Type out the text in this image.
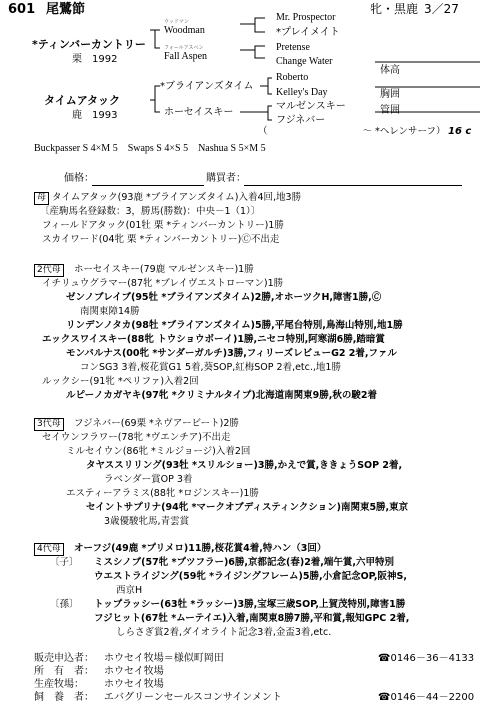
601 尾鷺節	牝・黒鹿 3／27
ウッドマン
Woodman
フォールアスペン
Fall Aspen
*ティンバーカントリー
栗　1992
Mr. Prospector
*プレイメイト
Pretense
Change Water
タイムアタック
鹿　1993
*ブライアンズタイム
ホーセイスキー
Roberto
Kelley's Day
マルゼンスキー
フジネバー
（　　　　　　　　　　〜 *ヘレンサーフ） 16 c
体高
胸囲
管囲
Buckpasser S 4×M 5　Swaps S 4×S 5　Nashua S 5×M 5
価格：	購買者：
母 タイムアタック(93鹿 *ブライアンズタイム)入着4回,地3勝
〔産駒馬名登録数：3，勝馬(勝数)：中央－1（1）〕
フィールドアタック(01牡 栗 *ティンバーカントリー)1勝
スカイワード(04牝 栗 *ティンバーカントリー)🄫不出走
2代母	ホーセイスキー(79鹿 マルゼンスキー)1勝
イチリュウグラマー(87牝 *ブレイヴエストローマン)1勝
ゼンノブレイブ(95牡 *ブライアンズタイム)2勝,オホーツクH,障害1勝,🄫
南関東障14勝
リンデンノタカ(98牡 *ブライアンズタイム)5勝,平尾台特別,鳥海山特別,地1勝
エックスワイスキー(88牝 トウショウボーイ)1勝,ニセコ特別,阿寒湖6勝,踏暗賞
モンバルナス(00牝 *サンダーガルチ)3勝,フィリーズレビューG2 2着,ファル
コンSG3 3着,桜花賞G1 5着,葵SOP,紅梅SOP 2着,etc.,地1勝
ルックシー(91牝 *ペリファ)入着2回
ルピーノカガヤキ(97牝 *クリミナルタイプ)北海道南関東9勝,秋の駿2着
3代母	フジネバー(69栗 *ネヴアービート)2勝
セイウンフラワー(78牝 *ヴエンチア)不出走
ミルセイウン(86牝 *ミルジョージ)入着2回
タヤススリリング(93牡 *スリルショー)3勝,かえで賞,ききょうSOP 2着,
ラベンダー賞OP 3着
エスティーアラミス(88牝 *ロジンスキー)1勝
セイントサプリナ(94牝 *マークオブディスティンクション)南関東5勝,東京
3歳優駿牝馬,青雲賞
4代母	オーフジ(49鹿 *プリメロ)11勝,桜花賞4着,特ハン（3回）
〔子〕 ミスシノブ(57牝 *プツフラー)6勝,京都記念(春)2着,端午賞,六甲特別
ウエストライジング(59牝 *ライジングフレーム)5勝,小倉記念OP,阪神S,
西京H
〔孫〕 トップラッシー(63牡 *ラッシー)3勝,宝塚三歳SOP,上賀茂特別,障害1勝
フジヒット(67牡 *ムーテイエ)入着,南関東8勝7勝,平和賞,報知GPC 2着,
しらさぎ賞2着,ダイオライト記念3着,金盃3着,etc.
販売申込者： ホウセイ牧場＝様似町岡田	☎0146－36－4133
所　有　者： ホウセイ牧場
生産牧場： ホウセイ牧場
飼　養　者： エバグリーンセールスコンサインメント	☎0146－44－2200
